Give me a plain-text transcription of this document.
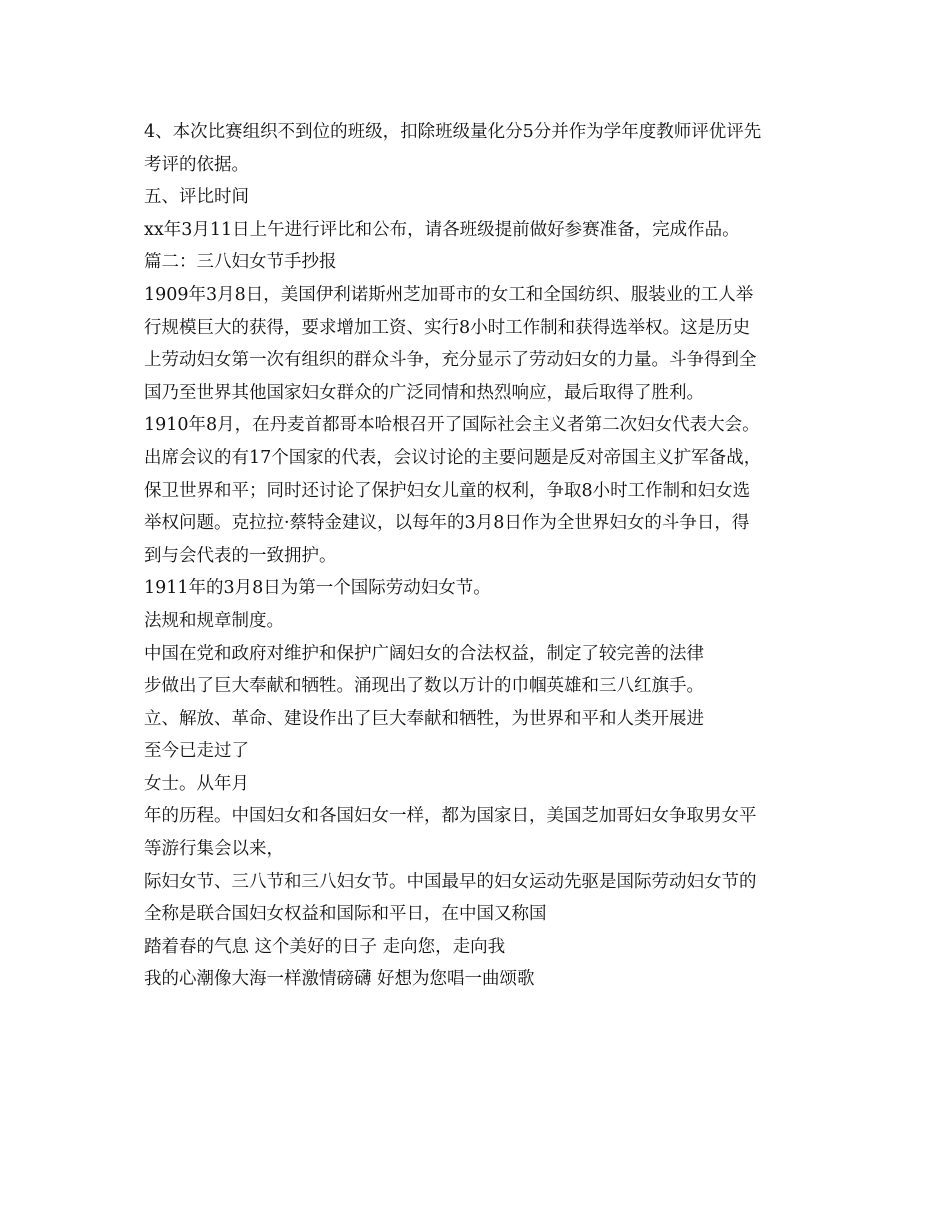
4、本次比赛组织不到位的班级，扣除班级量化分5分并作为学年度教师评优评先

考评的依据。

五、评比时间

xx年3月11日上午进行评比和公布，请各班级提前做好参赛准备，完成作品。

篇二：三八妇女节手抄报

1909年3月8日，美国伊利诺斯州芝加哥市的女工和全国纺织、服装业的工人举

行规模巨大的获得，要求增加工资、实行8小时工作制和获得选举权。这是历史

上劳动妇女第一次有组织的群众斗争，充分显示了劳动妇女的力量。斗争得到全

国乃至世界其他国家妇女群众的广泛同情和热烈响应，最后取得了胜利。

1910年8月，在丹麦首都哥本哈根召开了国际社会主义者第二次妇女代表大会。

出席会议的有17个国家的代表，会议讨论的主要问题是反对帝国主义扩军备战，

保卫世界和平；同时还讨论了保护妇女儿童的权利，争取8小时工作制和妇女选

举权问题。克拉拉·蔡特金建议，以每年的3月8日作为全世界妇女的斗争日，得

到与会代表的一致拥护。

1911年的3月8日为第一个国际劳动妇女节。

法规和规章制度。

中国在党和政府对维护和保护广阔妇女的合法权益，制定了较完善的法律

步做出了巨大奉献和牺牲。涌现出了数以万计的巾帼英雄和三八红旗手。

立、解放、革命、建设作出了巨大奉献和牺牲，为世界和平和人类开展进

至今已走过了

女士。从年月

年的历程。中国妇女和各国妇女一样，都为国家日，美国芝加哥妇女争取男女平

等游行集会以来，

际妇女节、三八节和三八妇女节。中国最早的妇女运动先驱是国际劳动妇女节的

全称是联合国妇女权益和国际和平日，在中国又称国

踏着春的气息 这个美好的日子 走向您，走向我

我的心潮像大海一样激情磅礴 好想为您唱一曲颂歌
